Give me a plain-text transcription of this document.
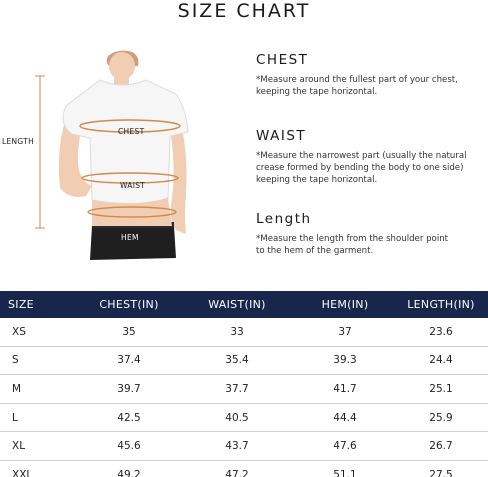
SIZE CHART
LENGTH
CHEST
WAIST
HEM
CHEST

*Measure around the fullest part of your chest,

keeping the tape horizontal.

WAIST

*Measure the narrowest part (usually the natural

crease formed by bending the body to one side)

keeping the tape horizontal.

Length

*Measure the length from the shoulder point

to the hem of the garment.

SIZE	CHEST(IN)	WAIST(IN)	HEM(IN)	LENGTH(IN)
XS	35	33	37	23.6
S	37.4	35.4	39.3	24.4
M	39.7	37.7	41.7	25.1
L	42.5	40.5	44.4	25.9
XL	45.6	43.7	47.6	26.7
XXL	49.2	47.2	51.1	27.5
